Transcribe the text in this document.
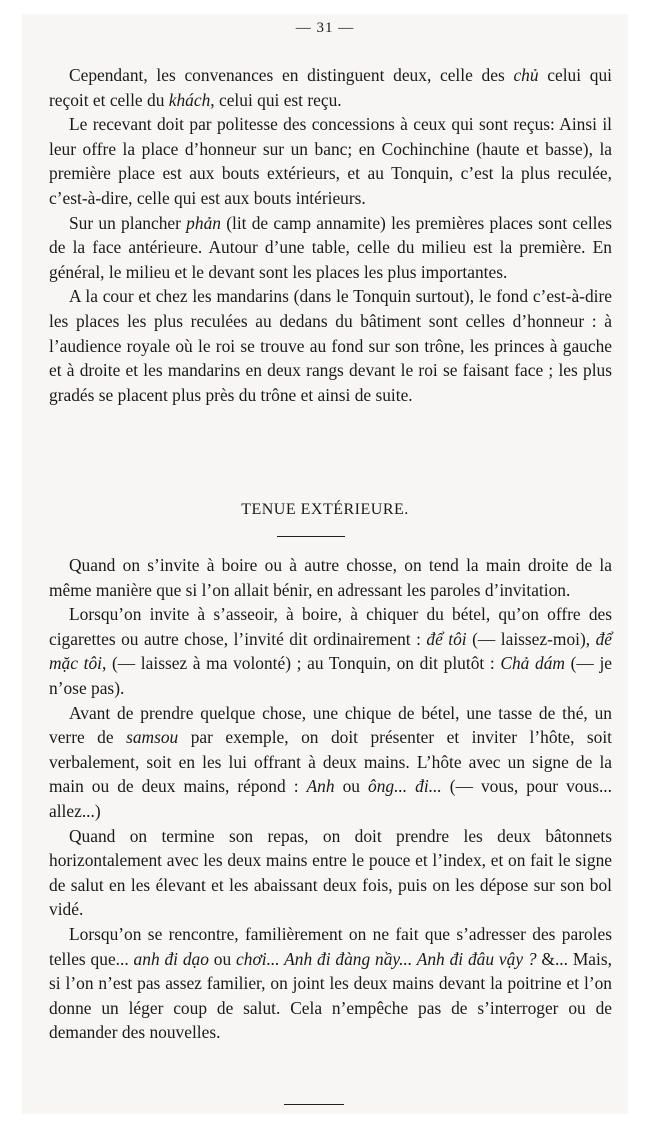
— 31 —

Cependant, les convenances en distinguent deux, celle des chủ celui qui reçoit et celle du khách, celui qui est reçu.

Le recevant doit par politesse des concessions à ceux qui sont reçus: Ainsi il leur offre la place d’honneur sur un banc; en Cochinchine (haute et basse), la première place est aux bouts extérieurs, et au Tonquin, c’est la plus reculée, c’est-à-dire, celle qui est aux bouts intérieurs.

Sur un plancher phản (lit de camp annamite) les premières places sont celles de la face antérieure. Autour d’une table, celle du milieu est la première. En général, le milieu et le devant sont les places les plus importantes.

A la cour et chez les mandarins (dans le Tonquin surtout), le fond c’est-à-dire les places les plus reculées au dedans du bâtiment sont celles d’honneur : à l’audience royale où le roi se trouve au fond sur son trône, les princes à gauche et à droite et les mandarins en deux rangs devant le roi se faisant face ; les plus gradés se placent plus près du trône et ainsi de suite.

TENUE EXTÉRIEURE.

Quand on s’invite à boire ou à autre chosse, on tend la main droite de la même manière que si l’on allait bénir, en adressant les paroles d’invitation.

Lorsqu’on invite à s’asseoir, à boire, à chiquer du bétel, qu’on offre des cigarettes ou autre chose, l’invité dit ordinairement : để tôi (— laissez-moi), để mặc tôi, (— laissez à ma volonté) ; au Tonquin, on dit plutôt : Chả dám (— je n’ose pas).

Avant de prendre quelque chose, une chique de bétel, une tasse de thé, un verre de samsou par exemple, on doit présenter et inviter l’hôte, soit verbalement, soit en les lui offrant à deux mains. L’hôte avec un signe de la main ou de deux mains, répond : Anh ou ông... đi... (— vous, pour vous... allez...)

Quand on termine son repas, on doit prendre les deux bâtonnets horizontalement avec les deux mains entre le pouce et l’index, et on fait le signe de salut en les élevant et les abaissant deux fois, puis on les dépose sur son bol vidé.

Lorsqu’on se rencontre, familièrement on ne fait que s’adresser des paroles telles que... anh đi dạo ou chơi... Anh đi đàng nầy... Anh đi đâu vậy ? &... Mais, si l’on n’est pas assez familier, on joint les deux mains devant la poitrine et l’on donne un léger coup de salut. Cela n’empêche pas de s’interroger ou de demander des nouvelles.
